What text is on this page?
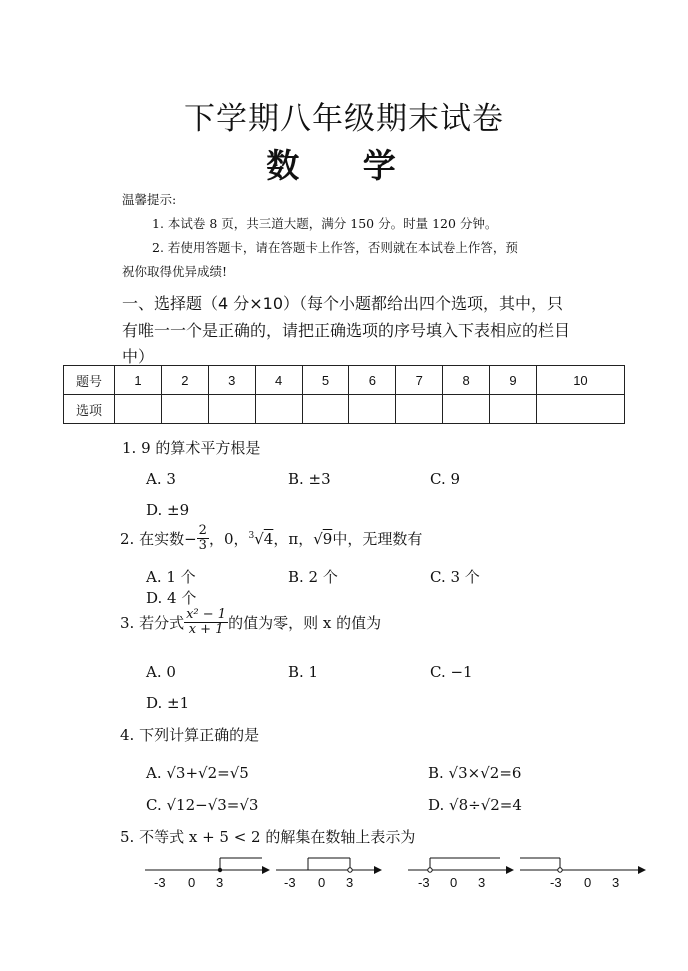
下学期八年级期末试卷
数 学
温馨提示:
1. 本试卷 8 页，共三道大题，满分 150 分。时量 120 分钟。
2. 若使用答题卡，请在答题卡上作答，否则就在本试卷上作答，预
祝你取得优异成绩!
一、选择题（4 分×10）（每个小题都给出四个选项，其中，只
有唯一一个是正确的，请把正确选项的序号填入下表相应的栏目
中）
题号	1	2	3	4	5	6	7	8	9	10
选项										
1. 9 的算术平方根是
A. 3	B. ±3	C. 9
D. ±9
2. 在实数 − $\frac{2}{3}$ ，0， $^3$√4 ，π， √9 中，无理数有
A. 1 个	B. 2 个	C. 3 个
D. 4 个
3. 若分式 $\frac{\text{x² − 1}}{x + 1}$ 的值为零，则 x 的值为
A. 0	B. 1	C. −1
D. ±1
4. 下列计算正确的是
A. √3+√2=√5	B. √3×√2=6
C. √12−√3=√3	D. √8÷√2=4
5. 不等式 x + 5 < 2 的解集在数轴上表示为
-3 0 3	-3 0 3	-3 0 3	-3 0 3
